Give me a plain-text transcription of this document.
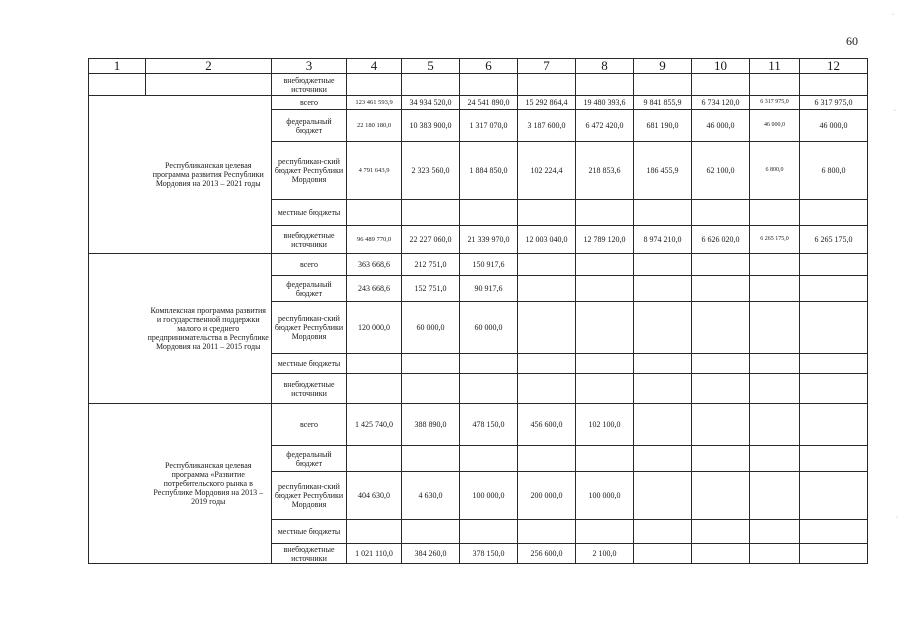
60
1	2	3	4	5	6	7	8	9	10	11	12
		внебюджетные источники									
	Республиканская целевая программа развития Республики Мордовия на 2013 – 2021 годы	всего	123 461 593,9	34 934 520,0	24 541 890,0	15 292 864,4	19 480 393,6	9 841 855,9	6 734 120,0	6 317 975,0	6 317 975,0
		федеральный бюджет	22 180 180,0	10 383 900,0	1 317 070,0	3 187 600,0	6 472 420,0	681 190,0	46 000,0	46 000,0	46 000,0
		республикан-ский бюджет Республики Мордовия	4 791 643,9	2 323 560,0	1 884 850,0	102 224,4	218 853,6	186 455,9	62 100,0	6 800,0	6 800,0
		местные бюджеты									
		внебюджетные источники	96 489 770,0	22 227 060,0	21 339 970,0	12 003 040,0	12 789 120,0	8 974 210,0	6 626 020,0	6 265 175,0	6 265 175,0
	Комплексная программа развития и государственной поддержки малого и среднего предпринимательства в Республике Мордовия на 2011 – 2015 годы	всего	363 668,6	212 751,0	150 917,6						
		федеральный бюджет	243 668,6	152 751,0	90 917,6						
		республикан-ский бюджет Республики Мордовия	120 000,0	60 000,0	60 000,0						
		местные бюджеты									
		внебюджетные источники									
	Республиканская целевая программа «Развитие потребительского рынка в Республике Мордовия на 2013 – 2019 годы	всего	1 425 740,0	388 890,0	478 150,0	456 600,0	102 100,0				
		федеральный бюджет									
		республикан-ский бюджет Республики Мордовия	404 630,0	4 630,0	100 000,0	200 000,0	100 000,0				
		местные бюджеты									
		внебюджетные источники	1 021 110,0	384 260,0	378 150,0	256 600,0	2 100,0				
·
·
·
